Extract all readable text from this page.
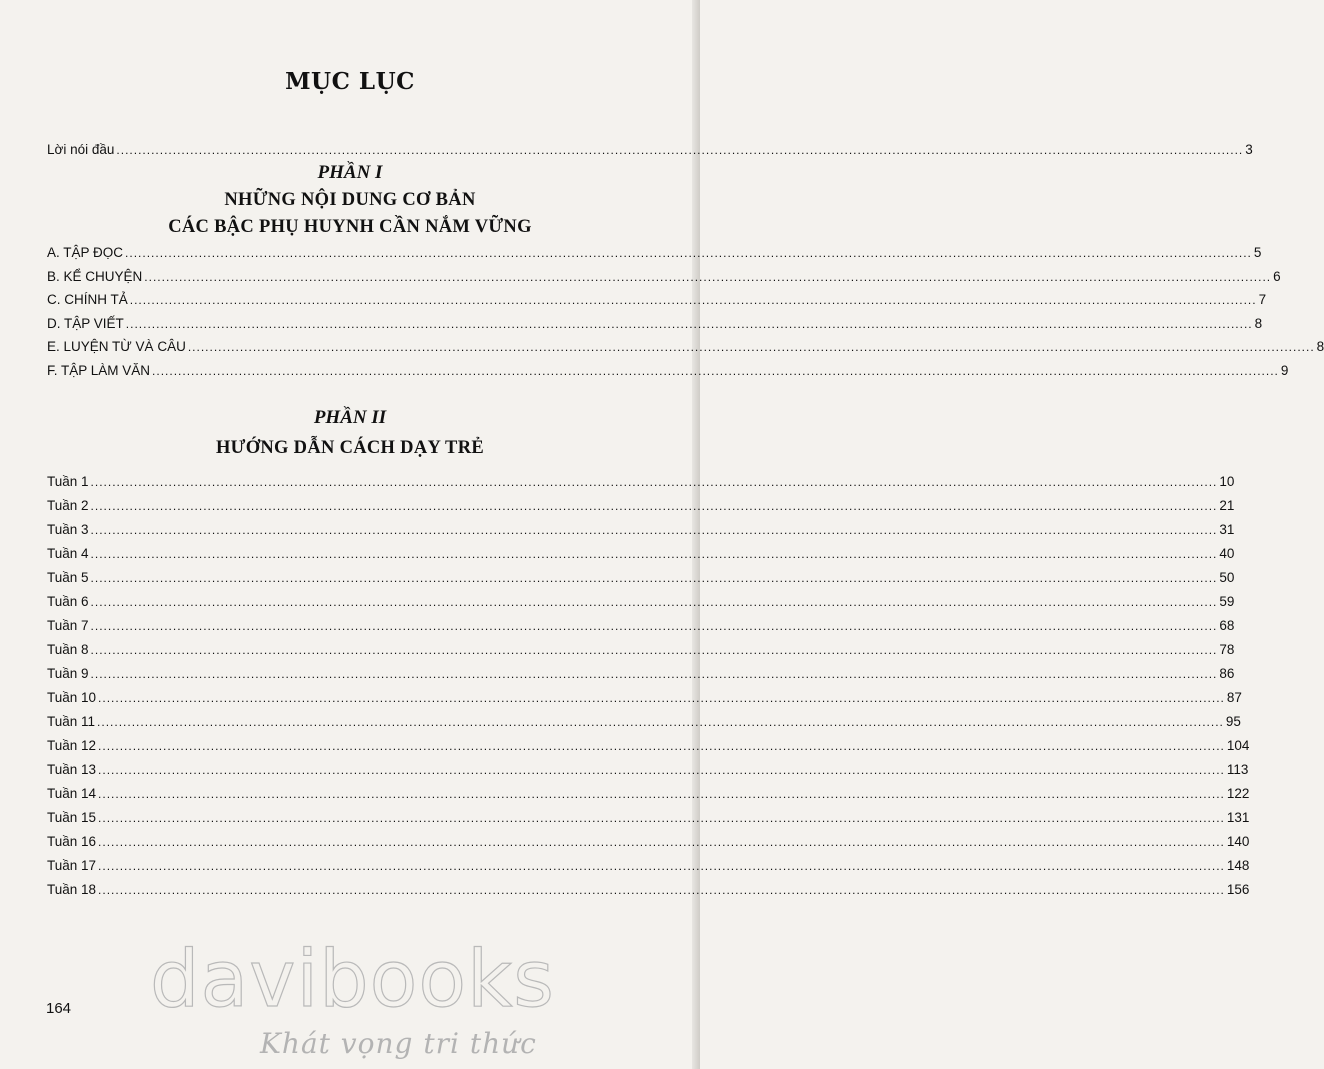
MỤC LỤC
Lời nói đầu .................................................................................................................................................................................................................................................................... 3
PHẦN I
NHỮNG NỘI DUNG CƠ BẢN
CÁC BẬC PHỤ HUYNH CẦN NẮM VỮNG
A. TẬP ĐỌC .................................................................................................................................................................................................................................................................... 5
B. KỂ CHUYỆN .................................................................................................................................................................................................................................................................... 6
C. CHÍNH TẢ .................................................................................................................................................................................................................................................................... 7
D. TẬP VIẾT .................................................................................................................................................................................................................................................................... 8
E. LUYỆN TỪ VÀ CÂU .................................................................................................................................................................................................................................................................... 8
F. TẬP LÀM VĂN .................................................................................................................................................................................................................................................................... 9
PHẦN II
HƯỚNG DẪN CÁCH DẠY TRẺ
Tuần 1 .................................................................................................................................................................................................................................................................... 10
Tuần 2 .................................................................................................................................................................................................................................................................... 21
Tuần 3 .................................................................................................................................................................................................................................................................... 31
Tuần 4 .................................................................................................................................................................................................................................................................... 40
Tuần 5 .................................................................................................................................................................................................................................................................... 50
Tuần 6 .................................................................................................................................................................................................................................................................... 59
Tuần 7 .................................................................................................................................................................................................................................................................... 68
Tuần 8 .................................................................................................................................................................................................................................................................... 78
Tuần 9 .................................................................................................................................................................................................................................................................... 86
Tuần 10 .................................................................................................................................................................................................................................................................... 87
Tuần 11 .................................................................................................................................................................................................................................................................... 95
Tuần 12 .................................................................................................................................................................................................................................................................... 104
Tuần 13 .................................................................................................................................................................................................................................................................... 113
Tuần 14 .................................................................................................................................................................................................................................................................... 122
Tuần 15 .................................................................................................................................................................................................................................................................... 131
Tuần 16 .................................................................................................................................................................................................................................................................... 140
Tuần 17 .................................................................................................................................................................................................................................................................... 148
Tuần 18 .................................................................................................................................................................................................................................................................... 156
164 davibooks
Khát vọng tri thức
